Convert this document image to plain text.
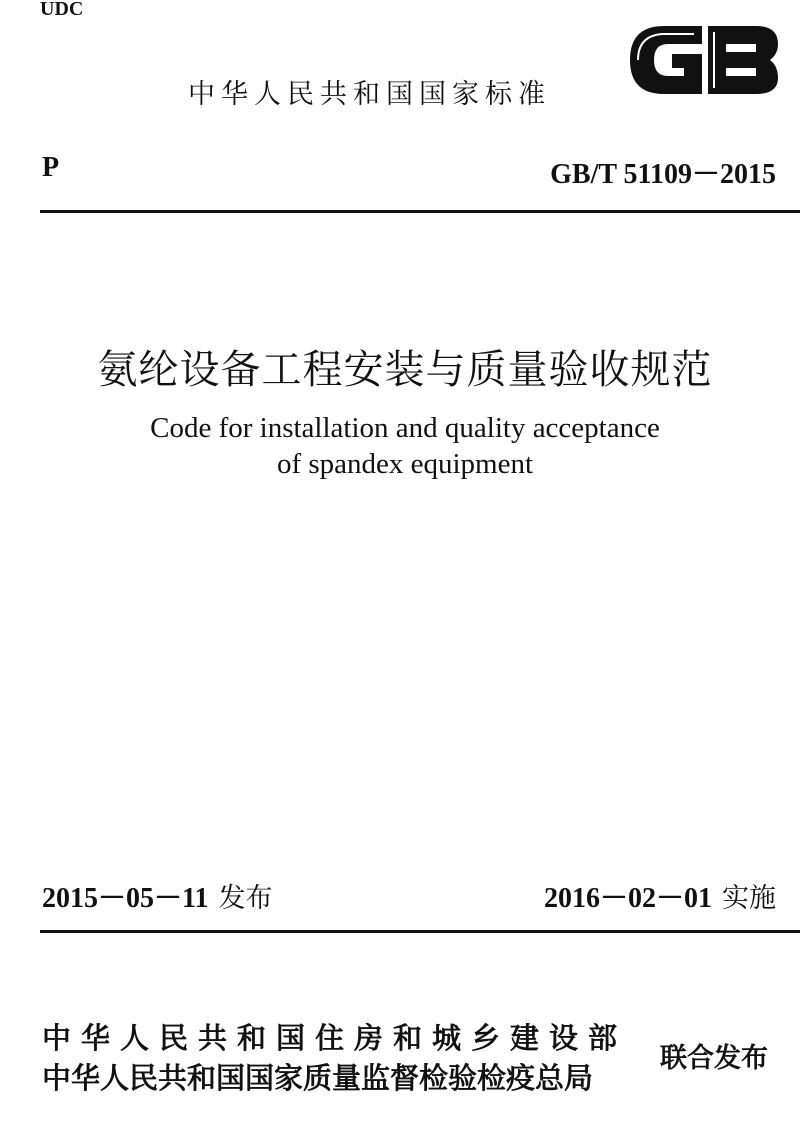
UDC
中华人民共和国国家标准
P	GB/T 51109－2015
氨纶设备工程安装与质量验收规范
Code for installation and quality acceptance
of spandex equipment
2015－05－11 发布	2016－02－01 实施
中华人民共和国住房和城乡建设部
中华人民共和国国家质量监督检验检疫总局
联合发布
